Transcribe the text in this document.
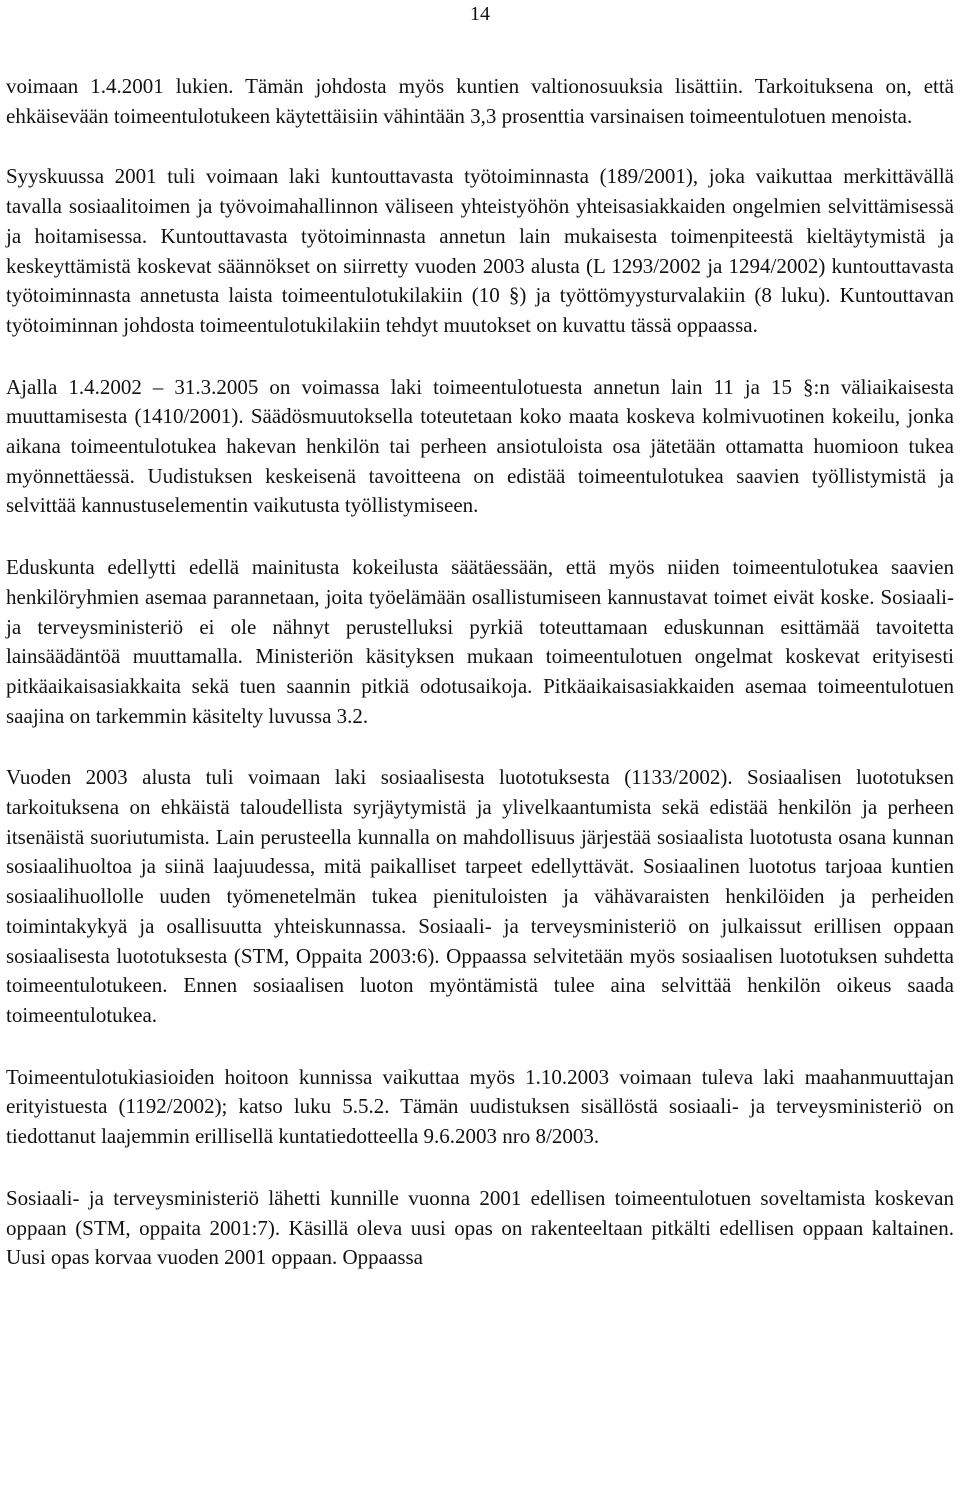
14

voimaan 1.4.2001 lukien. Tämän johdosta myös kuntien valtionosuuksia lisättiin. Tarkoituksena on, että ehkäisevään toimeentulotukeen käytettäisiin vähintään 3,3 prosenttia varsinaisen toimeentulotuen menoista.

Syyskuussa 2001 tuli voimaan laki kuntouttavasta työtoiminnasta (189/2001), joka vaikuttaa merkittävällä tavalla sosiaalitoimen ja työvoimahallinnon väliseen yhteistyöhön yhteisasiakkaiden ongelmien selvittämisessä ja hoitamisessa. Kuntouttavasta työtoiminnasta annetun lain mukaisesta toimenpiteestä kieltäytymistä ja keskeyttämistä koskevat säännökset on siirretty vuoden 2003 alusta (L 1293/2002 ja 1294/2002) kuntouttavasta työtoiminnasta annetusta laista toimeentulotukilakiin (10 §) ja työttömyysturvalakiin (8 luku). Kuntouttavan työtoiminnan johdosta toimeentulotukilakiin tehdyt muutokset on kuvattu tässä oppaassa.

Ajalla 1.4.2002 – 31.3.2005 on voimassa laki toimeentulotuesta annetun lain 11 ja 15 §:n väliaikaisesta muuttamisesta (1410/2001). Säädösmuutoksella toteutetaan koko maata koskeva kolmivuotinen kokeilu, jonka aikana toimeentulotukea hakevan henkilön tai perheen ansiotuloista osa jätetään ottamatta huomioon tukea myönnettäessä. Uudistuksen keskeisenä tavoitteena on edistää toimeentulotukea saavien työllistymistä ja selvittää kannustuselementin vaikutusta työllistymiseen.

Eduskunta edellytti edellä mainitusta kokeilusta säätäessään, että myös niiden toimeentulotukea saavien henkilöryhmien asemaa parannetaan, joita työelämään osallistumiseen kannustavat toimet eivät koske. Sosiaali- ja terveysministeriö ei ole nähnyt perustelluksi pyrkiä toteuttamaan eduskunnan esittämää tavoitetta lainsäädäntöä muuttamalla. Ministeriön käsityksen mukaan toimeentulotuen ongelmat koskevat erityisesti pitkäaikaisasiakkaita sekä tuen saannin pitkiä odotusaikoja. Pitkäaikaisasiakkaiden asemaa toimeentulotuen saajina on tarkemmin käsitelty luvussa 3.2.

Vuoden 2003 alusta tuli voimaan laki sosiaalisesta luototuksesta (1133/2002). Sosiaalisen luototuksen tarkoituksena on ehkäistä taloudellista syrjäytymistä ja ylivelkaantumista sekä edistää henkilön ja perheen itsenäistä suoriutumista. Lain perusteella kunnalla on mahdollisuus järjestää sosiaalista luototusta osana kunnan sosiaalihuoltoa ja siinä laajuudessa, mitä paikalliset tarpeet edellyttävät. Sosiaalinen luototus tarjoaa kuntien sosiaalihuollolle uuden työmenetelmän tukea pienituloisten ja vähävaraisten henkilöiden ja perheiden toimintakykyä ja osallisuutta yhteiskunnassa. Sosiaali- ja terveysministeriö on julkaissut erillisen oppaan sosiaalisesta luototuksesta (STM, Oppaita 2003:6). Oppaassa selvitetään myös sosiaalisen luototuksen suhdetta toimeentulotukeen. Ennen sosiaalisen luoton myöntämistä tulee aina selvittää henkilön oikeus saada toimeentulotukea.

Toimeentulotukiasioiden hoitoon kunnissa vaikuttaa myös 1.10.2003 voimaan tuleva laki maahanmuuttajan erityistuesta (1192/2002); katso luku 5.5.2. Tämän uudistuksen sisällöstä sosiaali- ja terveysministeriö on tiedottanut laajemmin erillisellä kuntatiedotteella 9.6.2003 nro 8/2003.

Sosiaali- ja terveysministeriö lähetti kunnille vuonna 2001 edellisen toimeentulotuen soveltamista koskevan oppaan (STM, oppaita 2001:7). Käsillä oleva uusi opas on rakenteeltaan pitkälti edellisen oppaan kaltainen. Uusi opas korvaa vuoden 2001 oppaan. Oppaassa
